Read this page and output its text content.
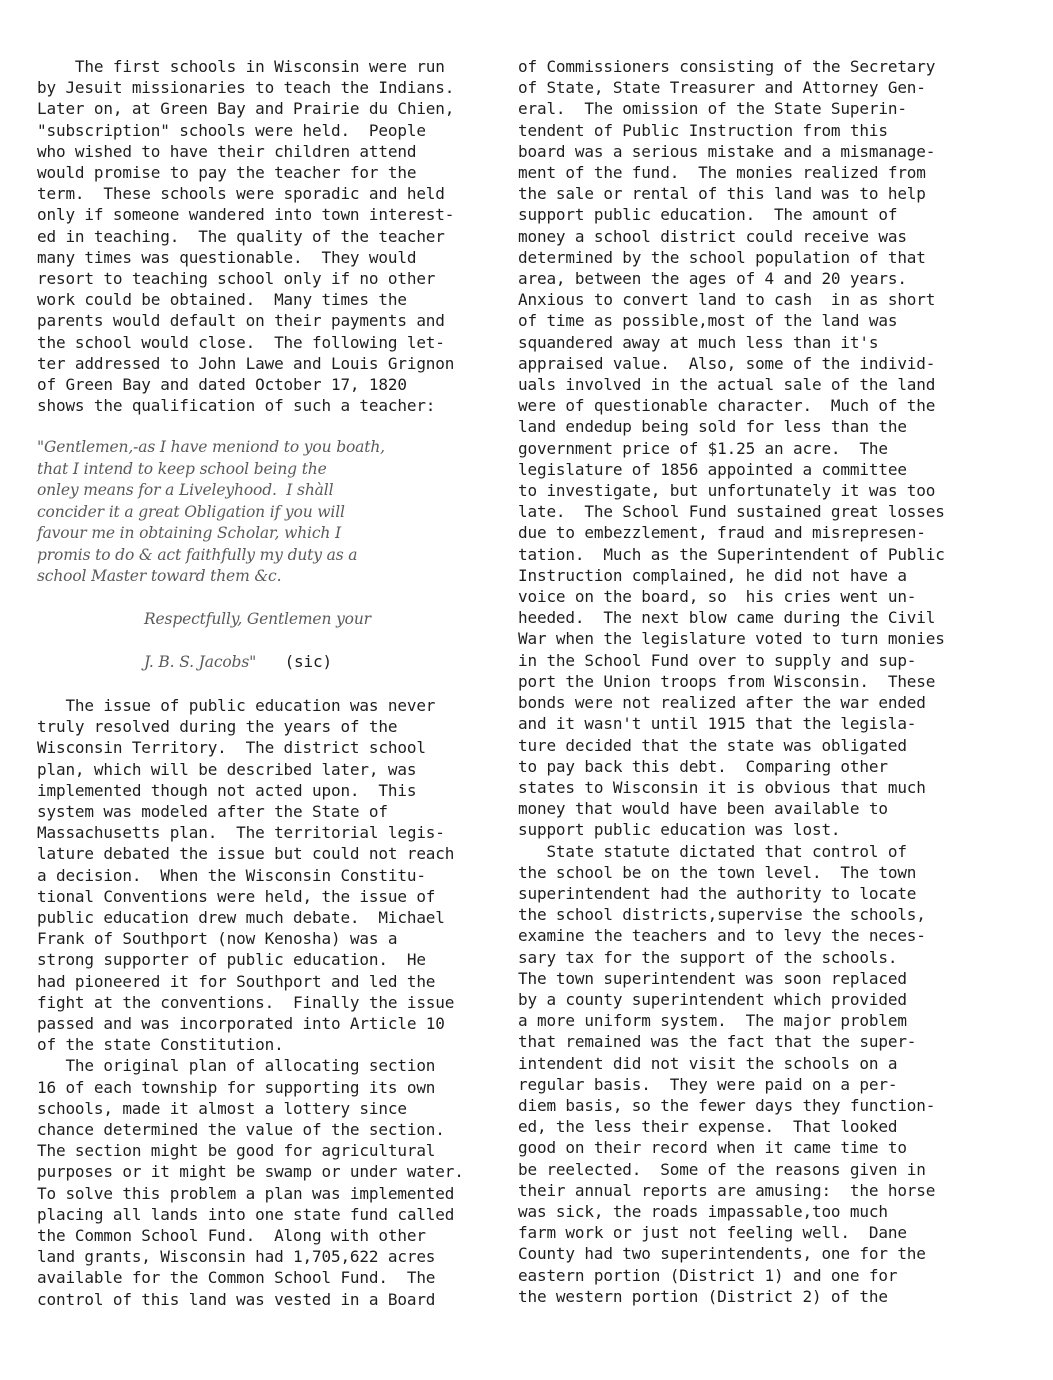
The first schools in Wisconsin were run
by Jesuit missionaries to teach the Indians.
Later on, at Green Bay and Prairie du Chien,
"subscription" schools were held.  People
who wished to have their children attend
would promise to pay the teacher for the
term.  These schools were sporadic and held
only if someone wandered into town interest-
ed in teaching.  The quality of the teacher
many times was questionable.  They would
resort to teaching school only if no other
work could be obtained.  Many times the
parents would default on their payments and
the school would close.  The following let-
ter addressed to John Lawe and Louis Grignon
of Green Bay and dated October 17, 1820
shows the qualification of such a teacher:
"Gentlemen,-as I have meniond to you boath,
that I intend to keep school being the
onley means for a Liveleyhood.  I shàll
concider it a great Obligation if you will
favour me in obtaining Scholar, which I
promis to do & act faithfully my duty as a
school Master toward them &c.
Respectfully, Gentlemen your
J. B. S. Jacobs" (sic)
The issue of public education was never
truly resolved during the years of the
Wisconsin Territory.  The district school
plan, which will be described later, was
implemented though not acted upon.  This
system was modeled after the State of
Massachusetts plan.  The territorial legis-
lature debated the issue but could not reach
a decision.  When the Wisconsin Constitu-
tional Conventions were held, the issue of
public education drew much debate.  Michael
Frank of Southport (now Kenosha) was a
strong supporter of public education.  He
had pioneered it for Southport and led the
fight at the conventions.  Finally the issue
passed and was incorporated into Article 10
of the state Constitution.
The original plan of allocating section
16 of each township for supporting its own
schools, made it almost a lottery since
chance determined the value of the section.
The section might be good for agricultural
purposes or it might be swamp or under water.
To solve this problem a plan was implemented
placing all lands into one state fund called
the Common School Fund.  Along with other
land grants, Wisconsin had 1,705,622 acres
available for the Common School Fund.  The
control of this land was vested in a Board
of Commissioners consisting of the Secretary
of State, State Treasurer and Attorney Gen-
eral.  The omission of the State Superin-
tendent of Public Instruction from this
board was a serious mistake and a mismanage-
ment of the fund.  The monies realized from
the sale or rental of this land was to help
support public education.  The amount of
money a school district could receive was
determined by the school population of that
area, between the ages of 4 and 20 years.
Anxious to convert land to cash  in as short
of time as possible,most of the land was
squandered away at much less than it's
appraised value.  Also, some of the individ-
uals involved in the actual sale of the land
were of questionable character.  Much of the
land endedup being sold for less than the
government price of $1.25 an acre.  The
legislature of 1856 appointed a committee
to investigate, but unfortunately it was too
late.  The School Fund sustained great losses
due to embezzlement, fraud and misrepresen-
tation.  Much as the Superintendent of Public
Instruction complained, he did not have a
voice on the board, so  his cries went un-
heeded.  The next blow came during the Civil
War when the legislature voted to turn monies
in the School Fund over to supply and sup-
port the Union troops from Wisconsin.  These
bonds were not realized after the war ended
and it wasn't until 1915 that the legisla-
ture decided that the state was obligated
to pay back this debt.  Comparing other
states to Wisconsin it is obvious that much
money that would have been available to
support public education was lost.
State statute dictated that control of
the school be on the town level.  The town
superintendent had the authority to locate
the school districts,supervise the schools,
examine the teachers and to levy the neces-
sary tax for the support of the schools.
The town superintendent was soon replaced
by a county superintendent which provided
a more uniform system.  The major problem
that remained was the fact that the super-
intendent did not visit the schools on a
regular basis.  They were paid on a per-
diem basis, so the fewer days they function-
ed, the less their expense.  That looked
good on their record when it came time to
be reelected.  Some of the reasons given in
their annual reports are amusing:  the horse
was sick, the roads impassable,too much
farm work or just not feeling well.  Dane
County had two superintendents, one for the
eastern portion (District 1) and one for
the western portion (District 2) of the
